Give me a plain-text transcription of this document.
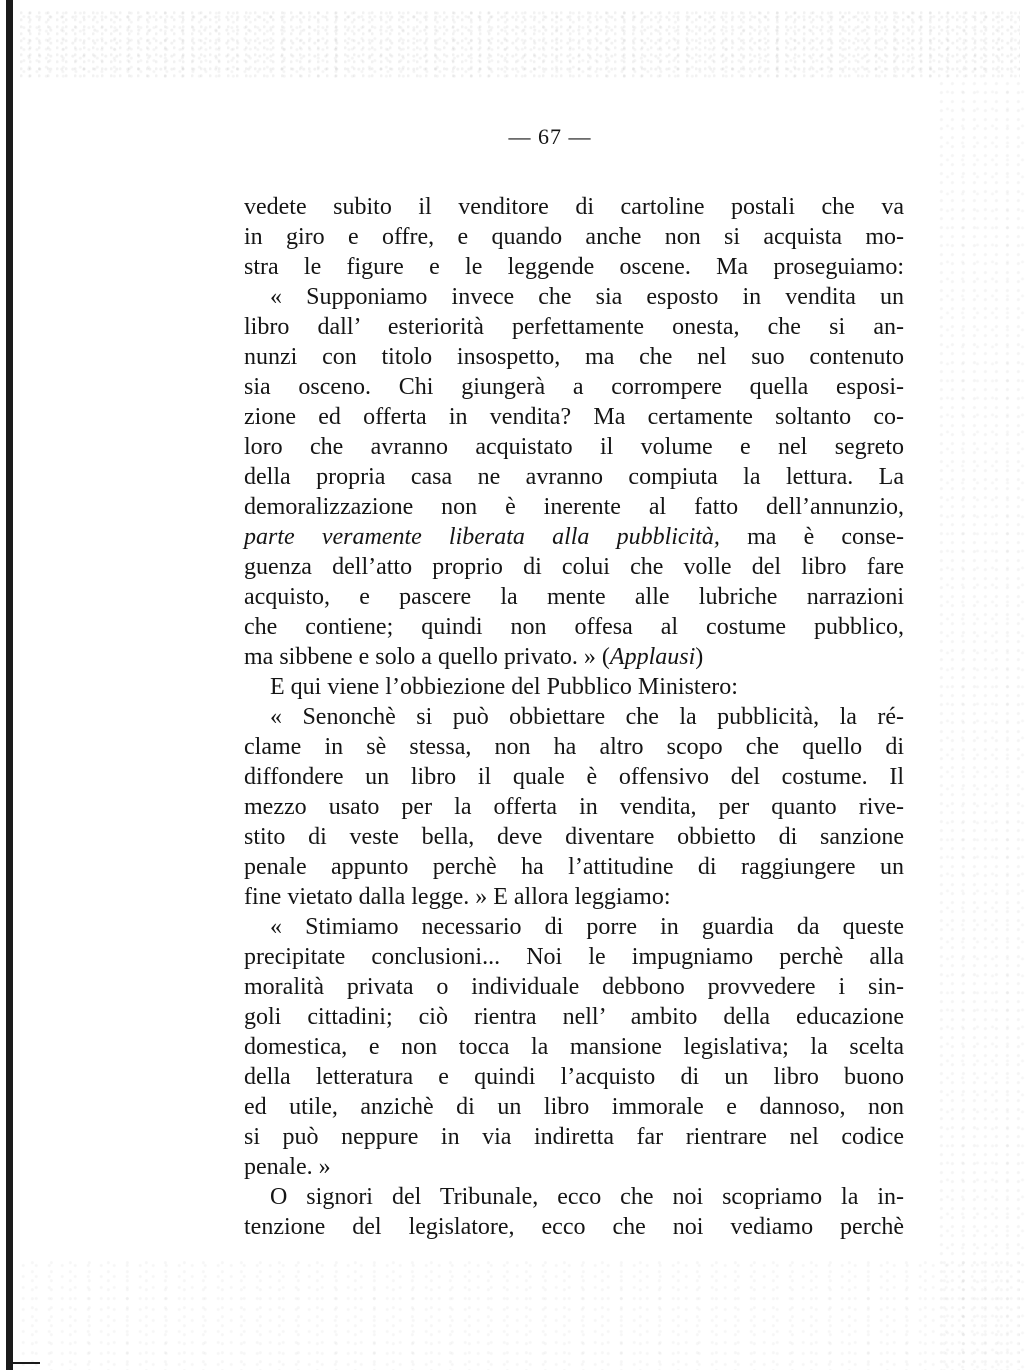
— 67 —
vedete subito il venditore di cartoline postali che va
in giro e offre, e quando anche non si acquista mo-
stra le figure e le leggende oscene. Ma proseguiamo:
« Supponiamo invece che sia esposto in vendita un
libro dall’ esteriorità perfettamente onesta, che si an-
nunzi con titolo insospetto, ma che nel suo contenuto
sia osceno. Chi giungerà a corrompere quella esposi-
zione ed offerta in vendita? Ma certamente soltanto co-
loro che avranno acquistato il volume e nel segreto
della propria casa ne avranno compiuta la lettura. La
demoralizzazione non è inerente al fatto dell’annunzio,
parte veramente liberata alla pubblicità, ma è conse-
guenza dell’atto proprio di colui che volle del libro fare
acquisto, e pascere la mente alle lubriche narrazioni
che contiene; quindi non offesa al costume pubblico,
ma sibbene e solo a quello privato. » (Applausi)
E qui viene l’obbiezione del Pubblico Ministero:
« Senonchè si può obbiettare che la pubblicità, la ré-
clame in sè stessa, non ha altro scopo che quello di
diffondere un libro il quale è offensivo del costume. Il
mezzo usato per la offerta in vendita, per quanto rive-
stito di veste bella, deve diventare obbietto di sanzione
penale appunto perchè ha l’attitudine di raggiungere un
fine vietato dalla legge. » E allora leggiamo:
« Stimiamo necessario di porre in guardia da queste
precipitate conclusioni... Noi le impugniamo perchè alla
moralità privata o individuale debbono provvedere i sin-
goli cittadini; ciò rientra nell’ ambito della educazione
domestica, e non tocca la mansione legislativa; la scelta
della letteratura e quindi l’acquisto di un libro buono
ed utile, anzichè di un libro immorale e dannoso, non
si può neppure in via indiretta far rientrare nel codice
penale. »
O signori del Tribunale, ecco che noi scopriamo la in-
tenzione del legislatore, ecco che noi vediamo perchè
